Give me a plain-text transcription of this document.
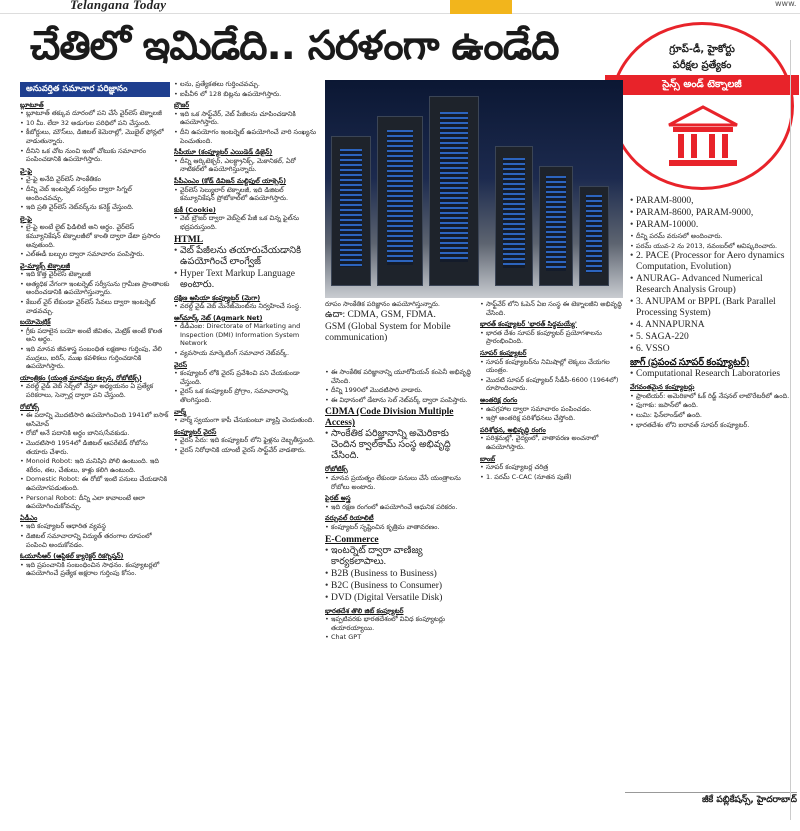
Telangana Today	www.
చేతిలో ఇమిడేది.. సరళంగా ఉండేది	గ్రూప్‌-డీ, హైకోర్టు
పరీక్షల ప్రత్యేకం
సైన్స్‌ అండ్‌ టెక్నాలజీ
అనువర్తిత సమాచార పరిజ్ఞానం
బ్లూటూత్‌

• బ్లూటూత్‌ తక్కువ దూరంలో పని చేసే వైర్‌లెస్‌ టెక్నాలజీ

• 10 మీ. లేదా 32 అడుగుల పరిధిలో పని చేస్తుంది.

• కీబోర్డులు, మౌస్‌లు, డిజిటల్‌ కెమెరాల్లో, మొబైల్‌ ఫోన్లలో వాడుతున్నారు.

• దీనిని ఒక చోట నుంచి ఇంకో చోటుకు సమాచారం పంపించడానికి ఉపయోగిస్తారు.

వై-ఫై

• వై-ఫై అనేది వైర్‌లెస్‌ సాంకేతికం

• దీన్ని వెబ్‌ ఇంటర్నెట్‌ సర్వర్‌ల ద్వారా సిగ్నల్‌ అందించవచ్చు.

• ఇది ప్రతి వైర్‌లెస్‌ నెట్‌వర్క్‌ను కనెక్ట్‌ చేస్తుంది.

లై-ఫై

• లై-ఫై అంటే లైట్‌ ఫిడిలిటీ అని అర్థం. వైర్‌లెస్‌ కమ్యూనికేషన్‌ టెక్నాలజీలో కాంతి ద్వారా డేటా ప్రసారం అవుతుంది.

• ఎల్‌ఈడీ బల్బుల ద్వారా సమాచారం పంపిస్తారు.

వై-మ్యాక్స్‌ టెక్నాలజీ

• ఇది కొత్త వైర్‌లెస్‌ టెక్నాలజీ

• అత్యధిక వేగంగా ఇంటర్నెట్‌ సర్వీసును గ్రామీణ ప్రాంతాలకు అందించడానికి ఉపయోగిస్తున్నారు.

• కేబుల్‌ వైర్‌ లేకుండా వైర్‌లెస్‌ సేవలు ద్వారా ఇంటర్నెట్‌ వాడవచ్చు.

బయోమెట్రిక్‌

• గ్రీకు పదాలైన బయో అంటే జీవితం, మెట్రిక్‌ అంటే కొలత అని అర్థం.

• ఇది మానవ జీవశాస్త్ర సంబంధిత లక్షణాల గుర్తింపు, వేలి ముద్రలు, ఐరిస్‌, ముఖ కవళికలు గుర్తించడానికి ఉపయోగిస్తారు.

యాంత్రికం (యంత్ర మానవుల కల్పన, రోబోటిక్స్‌)

• వరల్డ్‌ వైడ్‌ వెబ్‌ సెర్చ్‌లో వేస్తూ అధ్యయనం ఏ ప్రత్యేక పరికరాలు, సెన్సార్ల ద్వారా పని చేస్తుంది.

రోబోట్స్‌

• ఈ పదాన్ని మొదటిసారి ఉపయోగించింది 1941లో ఐసాక్‌ అసిమోవ్‌

• రోబో అనే పదానికి అర్థం బానిస/సేవకుడు.

• మొదటిసారి 1954లో డిజిటల్‌ ఆపరేటెడ్‌ రోబోను తయారు చేశారు.

• Monoid Robot: ఇది మనిషిని పోలి ఉంటుంది. ఇది శరీరం, తల, చేతులు, కాళ్లు కలిగి ఉంటుంది.

• Domestic Robot: ఈ రోబో ఇంటి పనులు చేయడానికి ఉపయోగపడుతుంది.

• Personal Robot: దీన్ని ఎలా కావాలంటే అలా ఉపయోగించుకోవచ్చు.

ఏడీఎం

• ఇది కంప్యూటర్‌ ఆధారిత వ్యవస్థ

• డిజిటల్‌ సమాచారాన్ని విద్యుత్‌ తరంగాల రూపంలో పంపించి అందుకోవడం.

ఓయూసీఆర్‌ (ఆప్టికల్‌ క్యారెక్టర్‌ రికగ్నిషన్‌)

• ఇది ప్రపంచానికి సంబంధించిన సాధనం. కంప్యూటర్లలో ఉపయోగించే ప్రత్యేక అక్షరాల గుర్తింపు కోసం.

• లను, ప్రత్యేకతలు గుర్తించవచ్చు.

• ఐపీవీ6 లో 128 బిట్లను ఉపయోగిస్తారు.

బ్రౌజర్‌

• ఇది ఒక సాఫ్ట్‌వేర్‌, వెబ్‌ పేజీలను చూపించడానికి ఉపయోగిస్తారు.

• దీని ఉపయోగం ఇంటర్నెట్‌ ఉపయోగించే వారి సంఖ్యను పెంచుతుంది.

సీపీయూ (కంప్యూటర్‌ ఎయిడెడ్‌ డిజైన్‌)

• దీన్ని ఆర్కిటెక్చర్‌, ఎలక్ట్రానిక్స్‌, మెకానికల్‌, ఏరో నాటికల్‌లో ఉపయోగిస్తున్నారు.

పీపీఎంఎం (కోడ్‌ డివిజన్‌ మల్టిపుల్‌ యాక్సెస్‌)

• వైర్‌లెస్‌ సెల్యులార్‌ టెక్నాలజీ, ఇది డిజిటల్‌ కమ్యూనికేషన్‌ ప్రోటోకాల్‌లో ఉపయోగిస్తారు.

కుకీ (Cookie)

• వెబ్‌ బ్రౌజర్‌ ద్వారా వెబ్‌సైట్‌ పేజీ ఒక చిన్న ఫైల్‌ను భద్రపరుస్తుంది.

HTML

• వెబ్‌ పేజీలను తయారుచేయడానికి ఉపయోగించే లాంగ్వేజ్‌

• Hyper Text Markup Language అంటారు.

దక్షిణ ఆసియా కంప్యూటర్‌ (మెగా)

• వరల్డ్‌ వైడ్‌ వెబ్‌ మేనేజ్‌మెంట్‌ను నిర్వహించే సంస్థ.

అగ్‌మార్క్‌ నెట్‌ (Agmark Net)

• డీడీఎంఐ: Directorate of Marketing and Inspection (DMI) Information System Network

• వ్యవసాయ మార్కెటింగ్‌ సమాచార నెట్‌వర్క్‌.

వైరస్‌

• కంప్యూటర్‌ లోకి వైరస్‌ ప్రవేశించి పని చేయకుండా చేస్తుంది.

• వైరస్‌ ఒక కంప్యూటర్‌ ప్రోగ్రాం, సమాచారాన్ని తొలగిస్తుంది.

వార్మ్‌

• వార్మ్‌ స్వయంగా కాపీ చేసుకుంటూ వ్యాప్తి చెందుతుంది.

కంప్యూటర్‌ వైరస్‌

• వైరస్‌ పేరు: ఇది కంప్యూటర్‌ లోని ఫైళ్లను దెబ్బతీస్తుంది.

• వైరస్‌ నిరోధానికి యాంటీ వైరస్‌ సాఫ్ట్‌వేర్‌ వాడతారు.

రూపం సాంకేతిక పరిజ్ఞానం ఉపయోగిస్తున్నారు.

ఉదా: CDMA, GSM, FDMA.

GSM (Global System for Mobile communication)

• ఈ సాంకేతిక పరిజ్ఞానాన్ని యూరోపియన్‌ కంపెనీ అభివృద్ధి చేసింది.

• దీన్ని 1990లో మొదటిసారి వాడారు.

• ఈ విధానంలో డేటాను సెల్‌ నెట్‌వర్క్‌ ద్వారా పంపిస్తారు.

CDMA (Code Division Multiple Access)

• సాంకేతిక పరిజ్ఞానాన్ని అమెరికాకు చెందిన క్వాల్‌కామ్‌ సంస్థ అభివృద్ధి చేసింది.

రోబోటిక్స్‌

• మానవ ప్రయత్నం లేకుండా పనులు చేసే యంత్రాలను రోబోలు అంటారు.

పైరట్‌ అస్త్ర

• ఇది రక్షణ రంగంలో ఉపయోగించే ఆధునిక పరికరం.

వర్చువల్‌ రియాలిటీ

• కంప్యూటర్‌ సృష్టించిన కృత్రిమ వాతావరణం.

E-Commerce

• ఇంటర్నెట్‌ ద్వారా వాణిజ్య కార్యకలాపాలు.

• B2B (Business to Business)

• B2C (Business to Consumer)

• DVD (Digital Versatile Disk)

భారతదేశ తొలి జిట్‌ కంప్యూటర్‌

• ఇప్పటివరకు భారతదేశంలో వివిధ కంప్యూటర్లు తయారయ్యాయి.

• Chat GPT

• సాఫ్ట్‌వేర్‌ లోని ఓపెన్‌ ఏఐ సంస్థ ఈ టెక్నాలజీని అభివృద్ధి చేసింది.

భారత్‌ కంప్యూటర్‌ 'భారత్‌ సిద్ధమయ్యే'

• భారత దేశం సూపర్‌ కంప్యూటర్‌ ప్రయోగశాలను ప్రారంభించింది.

సూపర్‌ కంప్యూటర్‌

• సూపర్‌ కంప్యూటర్‌ను నిమిషాల్లో లెక్కలు చేయగల యంత్రం.

• మొదటి సూపర్‌ కంప్యూటర్‌ సీడీసీ-6600 (1964లో) రూపొందించారు.

అంతరిక్ష రంగం

• ఉపగ్రహాల ద్వారా సమాచారం పంపించడం.

• ఇస్రో అంతరిక్ష పరిశోధనలు చేస్తోంది.

పరిశోధన, అభివృద్ధి రంగం

• పరిశ్రమల్లో, వైద్యంలో, వాతావరణ అంచనాలో ఉపయోగిస్తారు.

బాంబ్‌

• సూపర్‌ కంప్యూటర్ల చరిత్ర

• 1. పరమ్‌ C-CAC (నూతన పుణే)

• PARAM-8000,

• PARAM-8600, PARAM-9000,

• PARAM-10000.

• దీన్ని పరమ్‌ వరుసలో అందించారు.

• పరమ్‌ యువ-2 ను 2013, నవంబర్‌లో ఆవిష్కరించారు.

• 2. PACE (Processor for Aero dynamics Computation, Evolution)

• ANURAG- Advanced Numerical Research Analysis Group)

• 3. ANUPAM or BPPL (Bark Parallel Processing System)

• 4. ANNAPURNA

• 5. SAGA-220

• 6. VSSO

జాగ్‌ (ప్రపంచ సూపర్‌ కంప్యూటర్‌)

• Computational Research Laboratories

వేగవంతమైన కంప్యూటర్లు

• ఫ్రాంటియర్‌: అమెరికాలో ఓక్‌ రిడ్జ్‌ నేషనల్‌ లాబొరేటరీలో ఉంది.

• ఫుగాకు: జపాన్‌లో ఉంది.

• లుమి: ఫిన్‌లాండ్‌లో ఉంది.

• భారతదేశం లోని ఐరావత్‌ సూపర్‌ కంప్యూటర్‌.

జీకే పబ్లికేషన్స్‌, హైదరాబాద్‌
